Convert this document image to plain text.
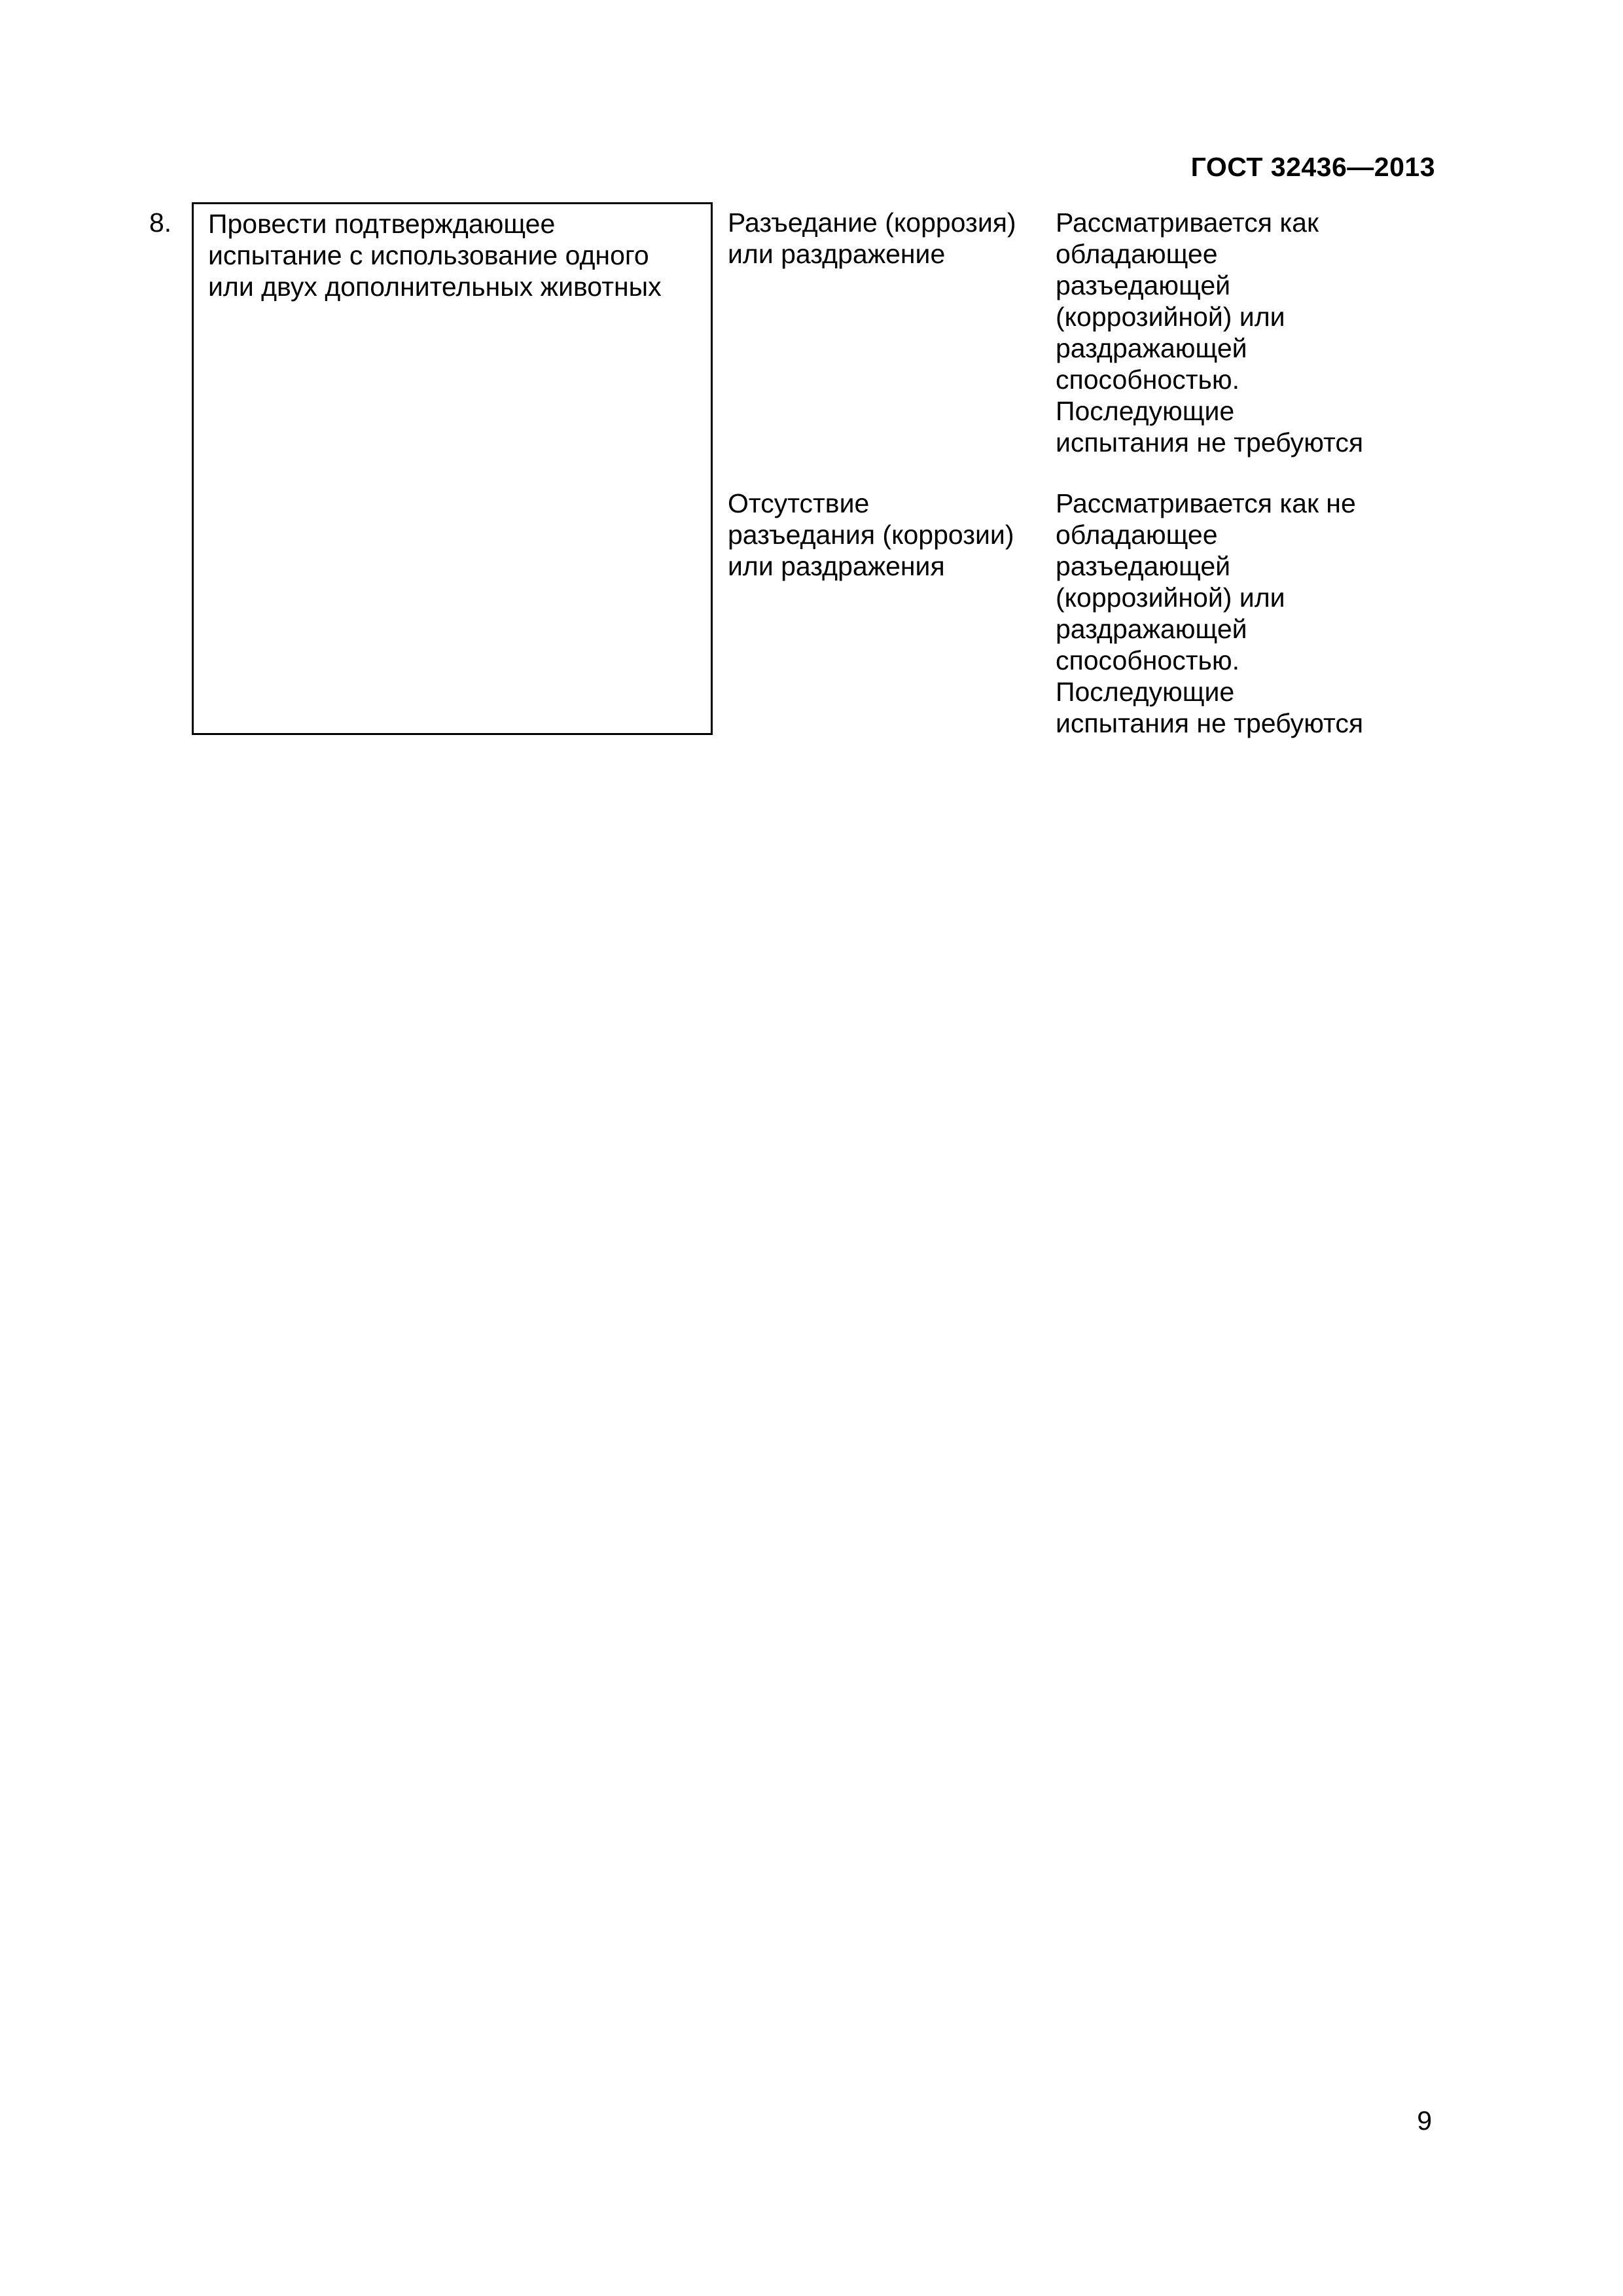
ГОСТ 32436—2013
8. Провести подтверждающее
испытание с использование одного
или двух дополнительных животных
Разъедание (коррозия)
или раздражение
Рассматривается как
обладающее
разъедающей
(коррозийной) или
раздражающей
способностью.
Последующие
испытания не требуются
Отсутствие
разъедания (коррозии)
или раздражения
Рассматривается как не
обладающее
разъедающей
(коррозийной) или
раздражающей
способностью.
Последующие
испытания не требуются
9
